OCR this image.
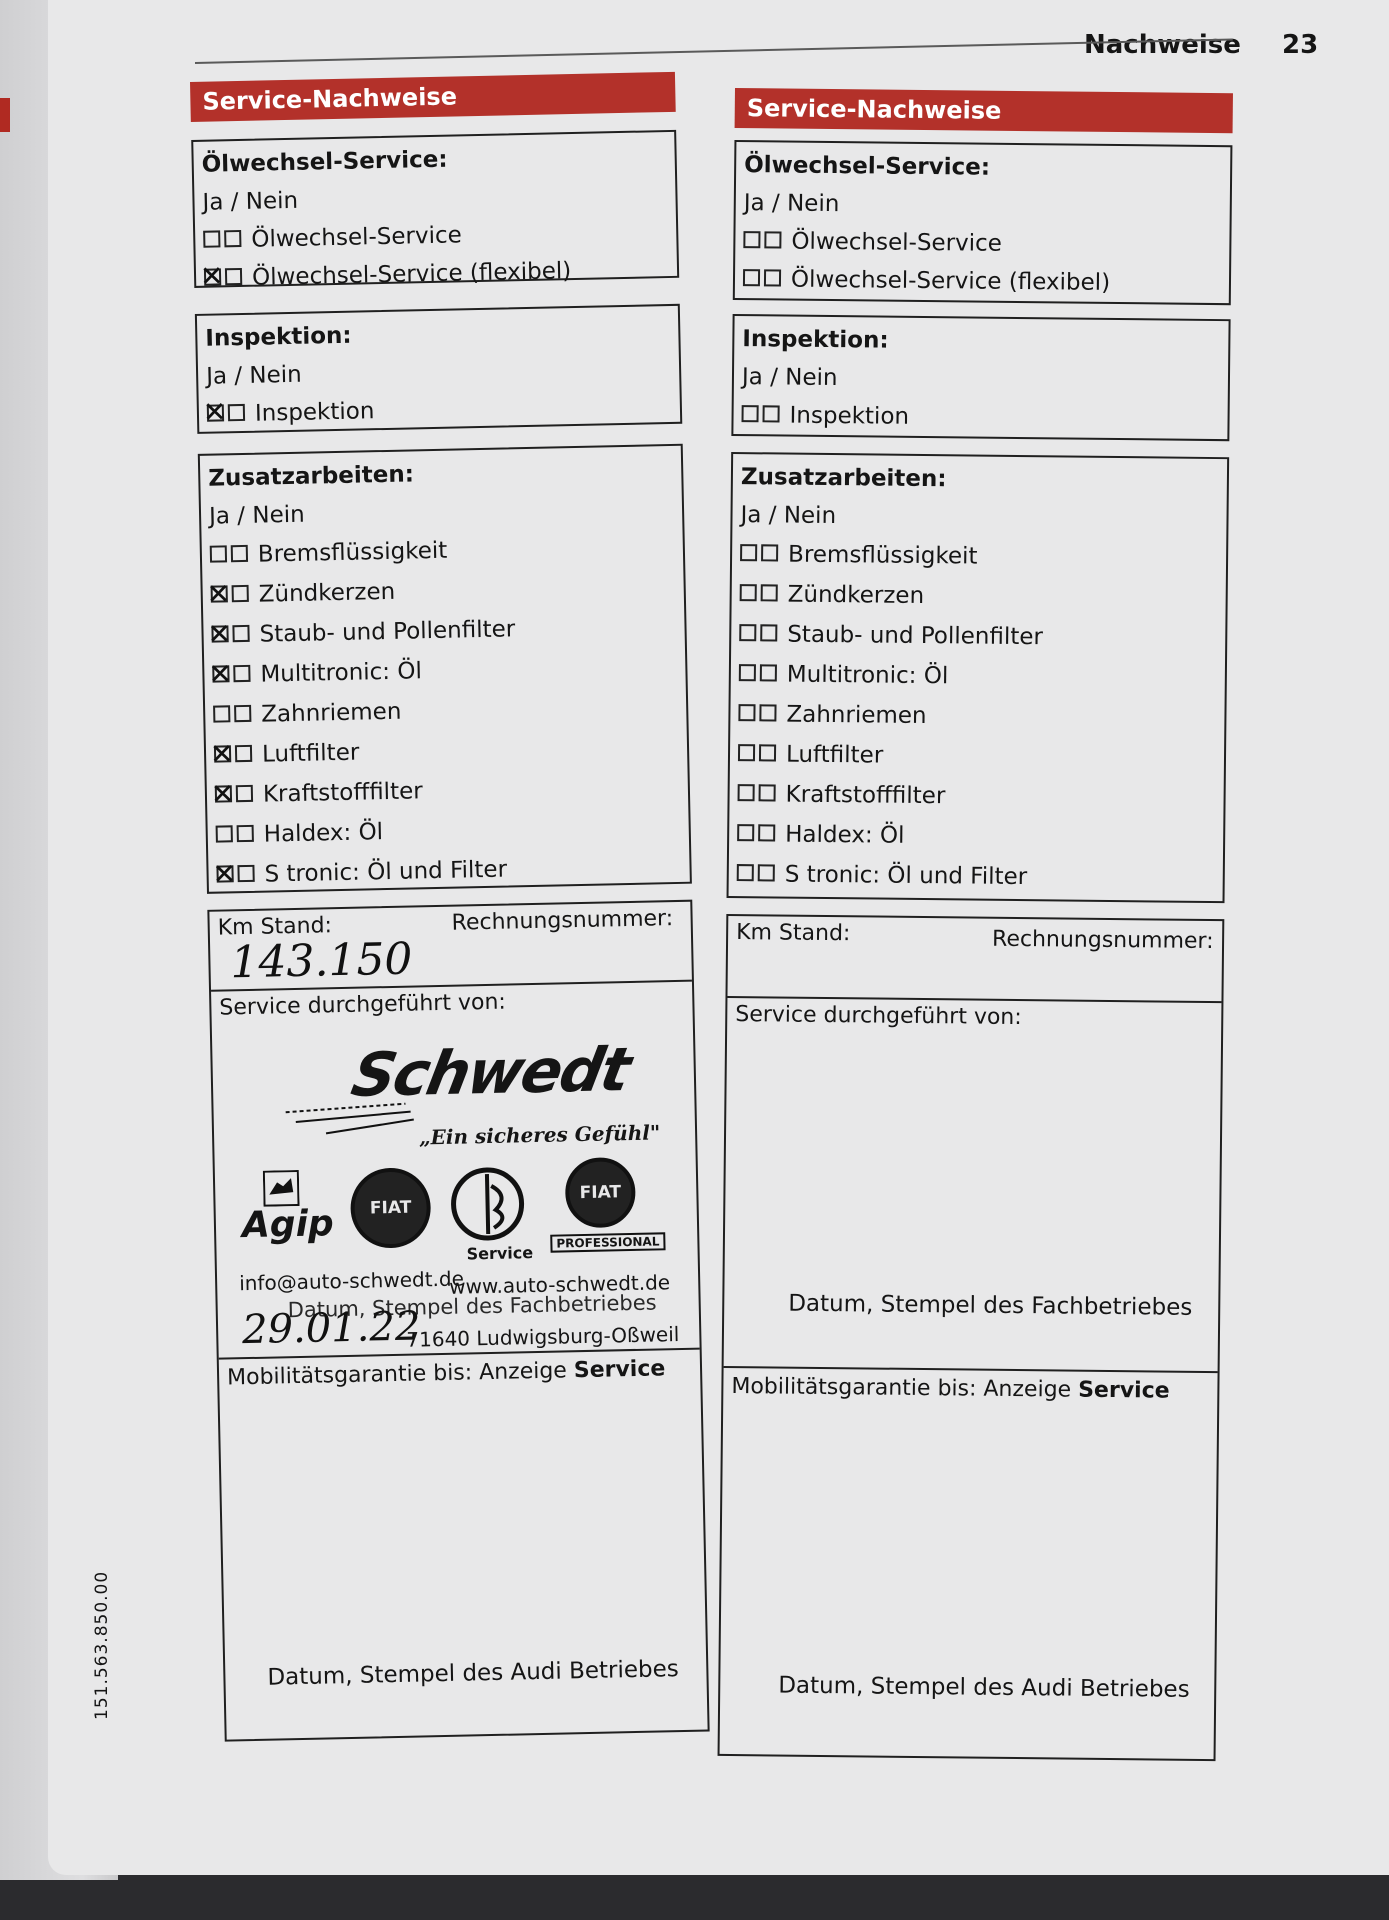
Nachweise 23
Service-Nachweise
Ölwechsel-Service:
Ja / Nein
Ölwechsel-Service
✕Ölwechsel-Service (flexibel)
Inspektion:
Ja / Nein
✕Inspektion
Zusatzarbeiten:
Ja / Nein
Bremsflüssigkeit
✕Zündkerzen
✕Staub- und Pollenfilter
✕Multitronic: Öl
Zahnriemen
✕Luftfilter
✕Kraftstofffilter
Haldex: Öl
✕S tronic: Öl und Filter
Km Stand:	Rechnungsnummer:
143.150
Service durchgeführt von:
Schwedt
„Ein sicheres Gefühl"
Agip FIAT
Service
FIAT
PROFESSIONAL
info@auto-schwedt.de
www.auto-schwedt.de
71640 Ludwigsburg-Oßweil
29.01.22
Datum, Stempel des Fachbetriebes
Mobilitätsgarantie bis: Anzeige Service
Datum, Stempel des Audi Betriebes
Service-Nachweise
Ölwechsel-Service:
Ja / Nein
Ölwechsel-Service
Ölwechsel-Service (flexibel)
Inspektion:
Ja / Nein
Inspektion
Zusatzarbeiten:
Ja / Nein
Bremsflüssigkeit
Zündkerzen
Staub- und Pollenfilter
Multitronic: Öl
Zahnriemen
Luftfilter
Kraftstofffilter
Haldex: Öl
S tronic: Öl und Filter
Km Stand:	Rechnungsnummer:
Service durchgeführt von:
Datum, Stempel des Fachbetriebes
Mobilitätsgarantie bis: Anzeige Service
Datum, Stempel des Audi Betriebes
151.563.850.00
